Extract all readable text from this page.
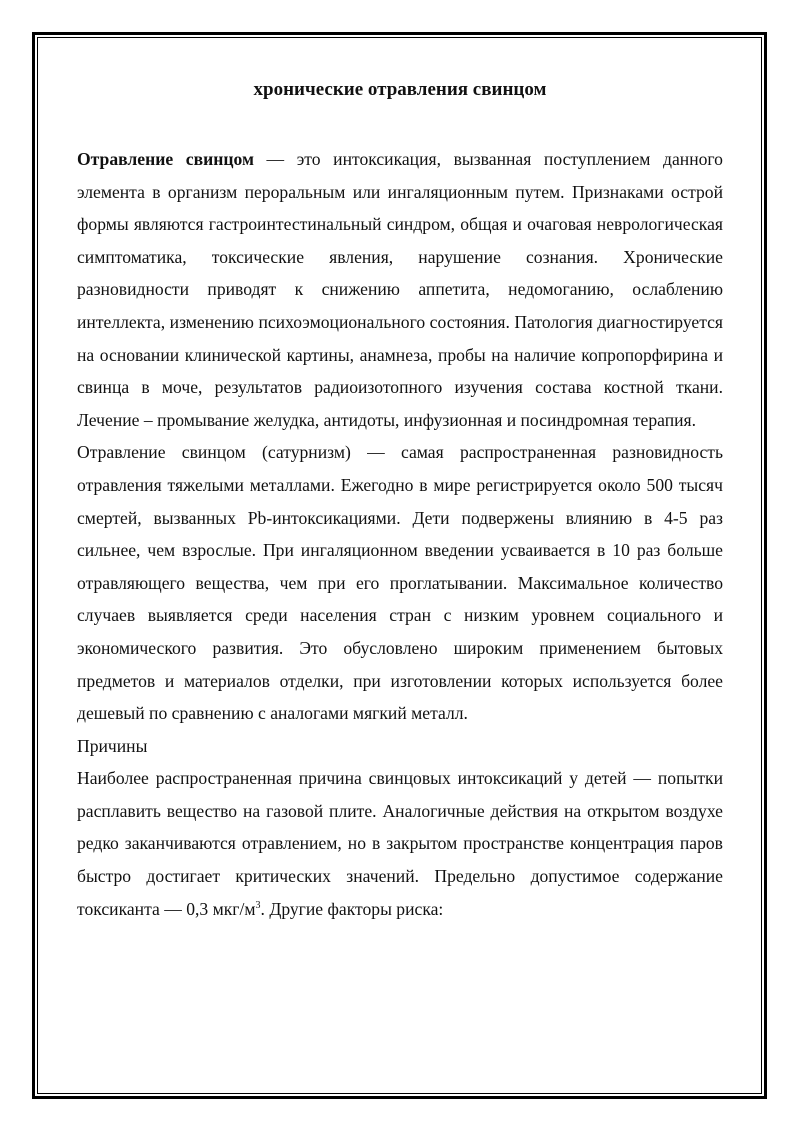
хронические отравления свинцом

Отравление свинцом — это интоксикация, вызванная поступлением данного элемента в организм пероральным или ингаляционным путем. Признаками острой формы являются гастроинтестинальный синдром, общая и очаговая неврологическая симптоматика, токсические явления, нарушение сознания. Хронические разновидности приводят к снижению аппетита, недомоганию, ослаблению интеллекта, изменению психоэмоционального состояния. Патология диагностируется на основании клинической картины, анамнеза, пробы на наличие копропорфирина и свинца в моче, результатов радиоизотопного изучения состава костной ткани. Лечение – промывание желудка, антидоты, инфузионная и посиндромная терапия.

Отравление свинцом (сатурнизм) — самая распространенная разновидность отравления тяжелыми металлами. Ежегодно в мире регистрируется около 500 тысяч смертей, вызванных Pb-интоксикациями. Дети подвержены влиянию в 4-5 раз сильнее, чем взрослые. При ингаляционном введении усваивается в 10 раз больше отравляющего вещества, чем при его проглатывании. Максимальное количество случаев выявляется среди населения стран с низким уровнем социального и экономического развития. Это обусловлено широким применением бытовых предметов и материалов отделки, при изготовлении которых используется более дешевый по сравнению с аналогами мягкий металл.

Причины

Наиболее распространенная причина свинцовых интоксикаций у детей — попытки расплавить вещество на газовой плите. Аналогичные действия на открытом воздухе редко заканчиваются отравлением, но в закрытом пространстве концентрация паров быстро достигает критических значений. Предельно допустимое содержание токсиканта — 0,3 мкг/$м^3$. Другие факторы риска:
